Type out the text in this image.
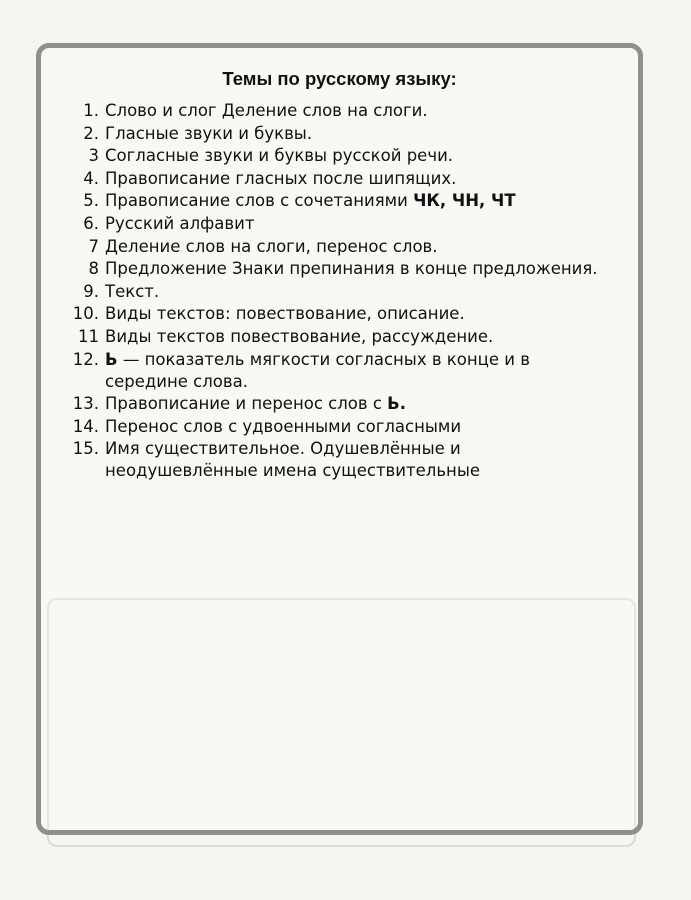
Темы по русскому языку:
1. Слово и слог Деление слов на слоги.
2. Гласные звуки и буквы.
3 Согласные звуки и буквы русской речи.
4. Правописание гласных после шипящих.
5. Правописание слов с сочетаниями ЧК, ЧН, ЧТ
6. Русский алфавит
7 Деление слов на слоги, перенос слов.
8 Предложение Знаки препинания в конце предложения.
9. Текст.
10. Виды текстов: повествование, описание.
11 Виды текстов повествование, рассуждение.
12. Ь — показатель мягкости согласных в конце и в середине слова.
13. Правописание и перенос слов с Ь.
14. Перенос слов с удвоенными согласными
15. Имя существительное. Одушевлённые и неодушевлённые имена существительные
